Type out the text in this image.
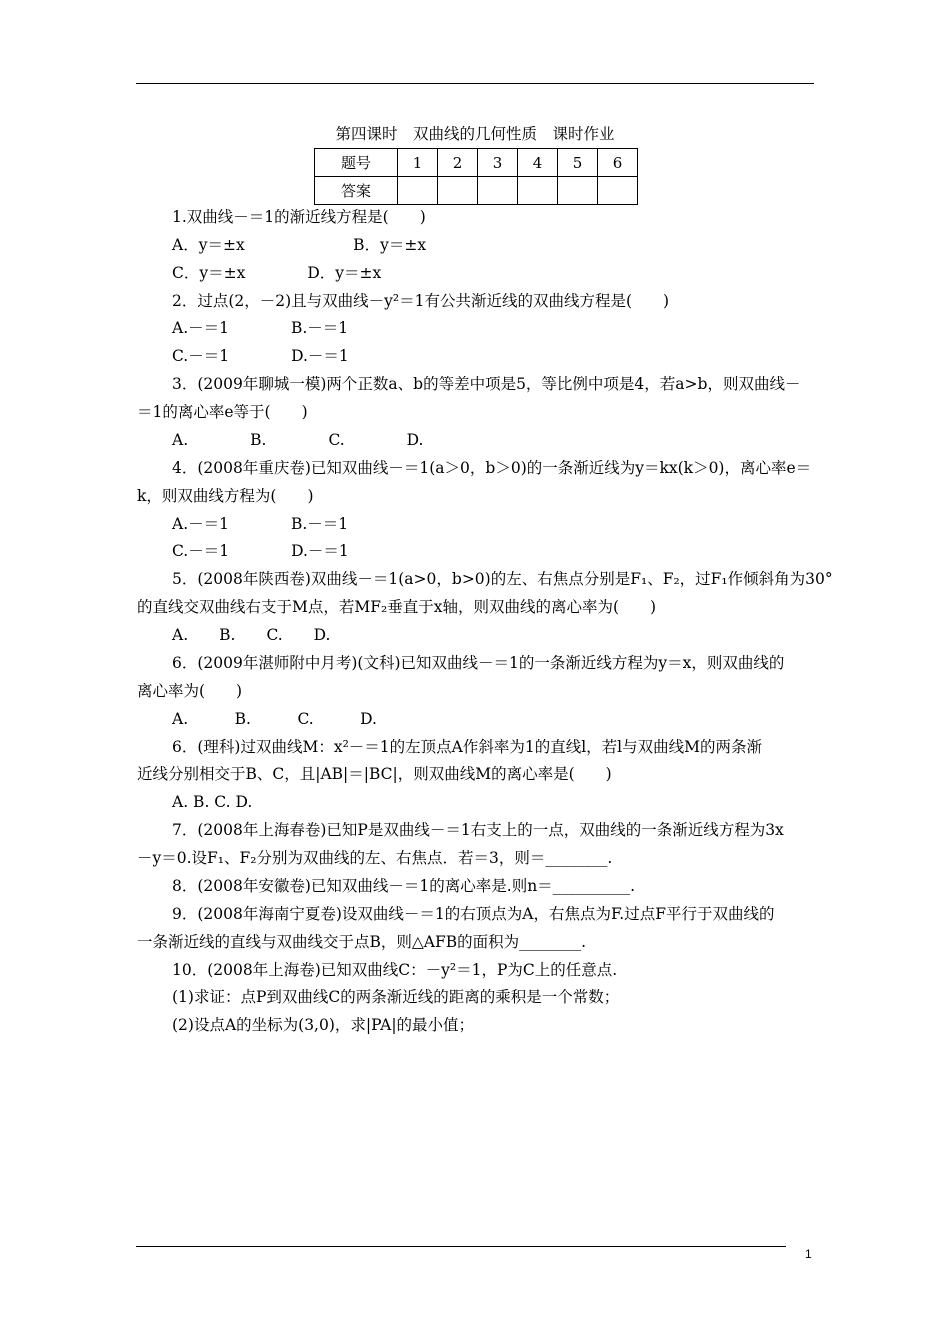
第四课时　双曲线的几何性质　课时作业
题号	1	2	3	4	5	6
答案						
1.双曲线－＝1的渐近线方程是(　　)
A．y＝±x　　　　　　　B．y＝±x
C．y＝±x　　　　D．y＝±x
2．过点(2，－2)且与双曲线－y²＝1有公共渐近线的双曲线方程是(　　)
A.－＝1　　　　B.－＝1
C.－＝1　　　　D.－＝1
3．(2009年聊城一模)两个正数a、b的等差中项是5，等比例中项是4，若a>b，则双曲线－
＝1的离心率e等于(　　)
A.　　　　B.　　　　C.　　　　D.
4．(2008年重庆卷)已知双曲线－＝1(a＞0，b＞0)的一条渐近线为y＝kx(k＞0)，离心率e＝
k，则双曲线方程为(　　)
A.－＝1　　　　B.－＝1
C.－＝1　　　　D.－＝1
5．(2008年陕西卷)双曲线－＝1(a>0，b>0)的左、右焦点分别是F₁、F₂，过F₁作倾斜角为30°
的直线交双曲线右支于M点，若MF₂垂直于x轴，则双曲线的离心率为(　　)
A.　　B.　　C.　　D.
6．(2009年湛师附中月考)(文科)已知双曲线－＝1的一条渐近线方程为y＝x，则双曲线的
离心率为(　　)
A.　　　B.　　　C.　　　D.
6．(理科)过双曲线M：x²－＝1的左顶点A作斜率为1的直线l，若l与双曲线M的两条渐
近线分别相交于B、C，且|AB|＝|BC|，则双曲线M的离心率是(　　)
A. B. C. D.
7．(2008年上海春卷)已知P是双曲线－＝1右支上的一点，双曲线的一条渐近线方程为3x
－y＝0.设F₁、F₂分别为双曲线的左、右焦点．若＝3，则＝________.
8．(2008年安徽卷)已知双曲线－＝1的离心率是.则n＝__________.
9．(2008年海南宁夏卷)设双曲线－＝1的右顶点为A，右焦点为F.过点F平行于双曲线的
一条渐近线的直线与双曲线交于点B，则△AFB的面积为________.
10．(2008年上海卷)已知双曲线C：－y²＝1，P为C上的任意点.
(1)求证：点P到双曲线C的两条渐近线的距离的乘积是一个常数；
(2)设点A的坐标为(3,0)，求|PA|的最小值；
1
